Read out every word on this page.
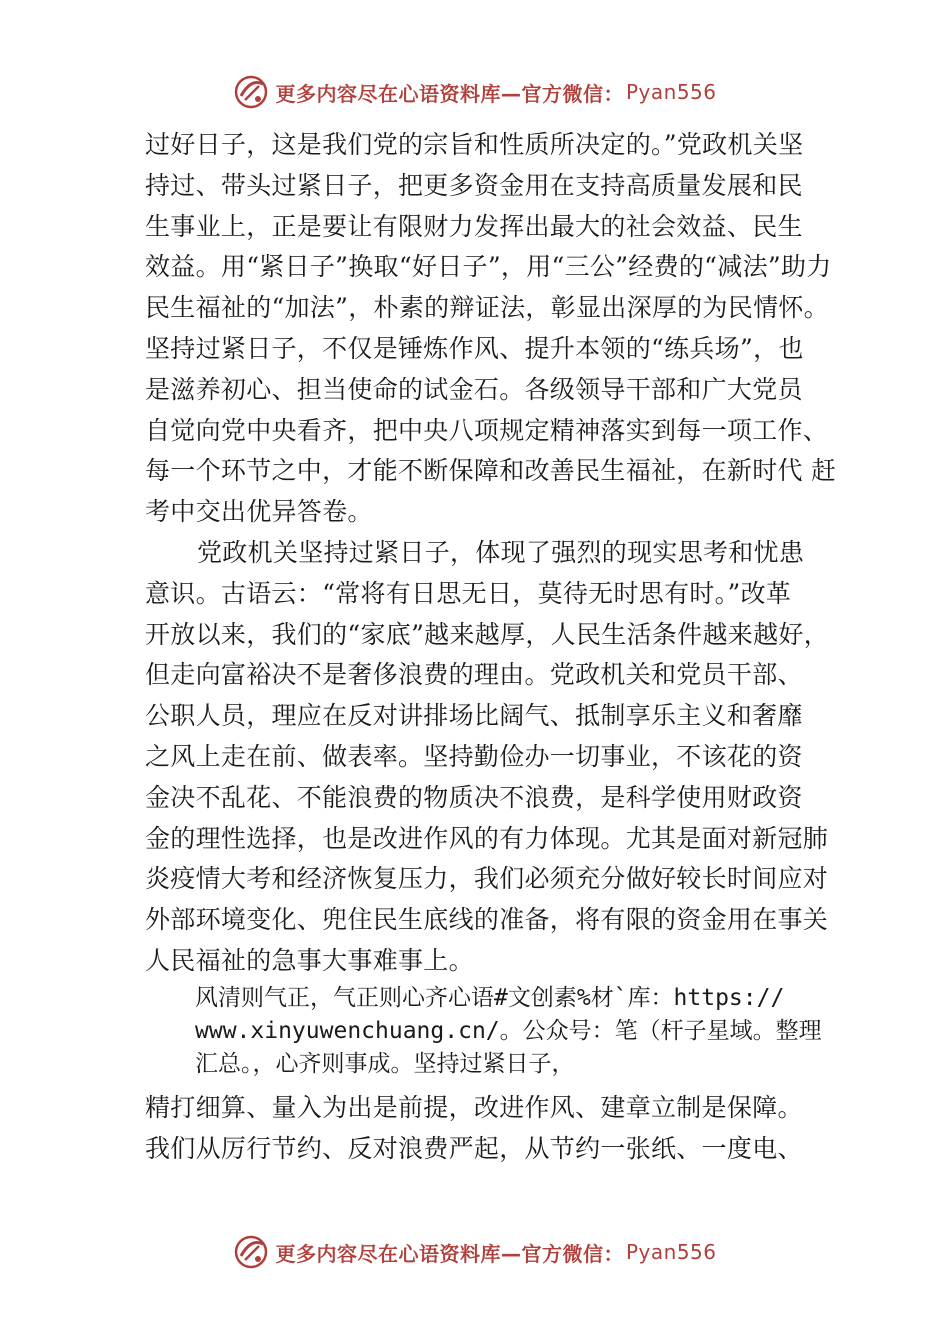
更多内容尽在心语资料库—官方微信： Pyan556
过好日子，这是我们党的宗旨和性质所决定的。”党政机关坚
持过、带头过紧日子，把更多资金用在支持高质量发展和民
生事业上，正是要让有限财力发挥出最大的社会效益、民生
效益。用“紧日子”换取“好日子”，用“三公”经费的“减法”助力
民生福祉的“加法”，朴素的辩证法，彰显出深厚的为民情怀。
坚持过紧日子，不仅是锤炼作风、提升本领的“练兵场”，也
是滋养初心、担当使命的试金石。各级领导干部和广大党员
自觉向党中央看齐，把中央八项规定精神落实到每一项工作、
每一个环节之中，才能不断保障和改善民生福祉，在新时代 赶
考中交出优异答卷。
党政机关坚持过紧日子，体现了强烈的现实思考和忧患
意识。古语云：“常将有日思无日，莫待无时思有时。”改革
开放以来，我们的“家底”越来越厚，人民生活条件越来越好，
但走向富裕决不是奢侈浪费的理由。党政机关和党员干部、
公职人员，理应在反对讲排场比阔气、抵制享乐主义和奢靡
之风上走在前、做表率。坚持勤俭办一切事业，不该花的资
金决不乱花、不能浪费的物质决不浪费，是科学使用财政资
金的理性选择，也是改进作风的有力体现。尤其是面对新冠肺
炎疫情大考和经济恢复压力，我们必须充分做好较长时间应对
外部环境变化、兜住民生底线的准备，将有限的资金用在事关
人民福祉的急事大事难事上。
风清则气正，气正则心齐心语#文创素%材`库：https://
www.xinyuwenchuang.cn/。公众号：笔（杆子星域。整理
汇总。，心齐则事成。坚持过紧日子，
精打细算、量入为出是前提，改进作风、建章立制是保障。
我们从厉行节约、反对浪费严起，从节约一张纸、一度电、
更多内容尽在心语资料库—官方微信： Pyan556
